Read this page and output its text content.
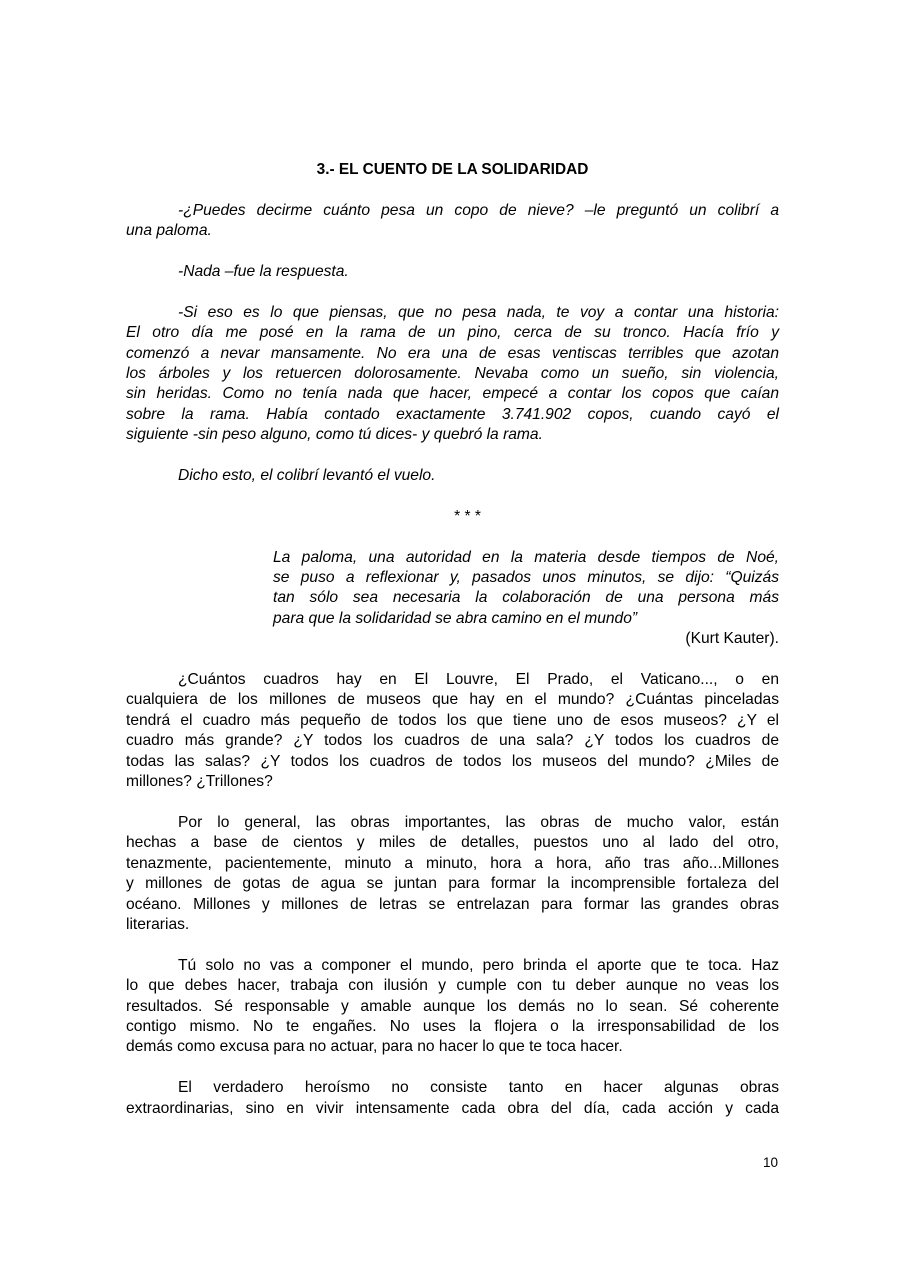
3.- EL CUENTO DE LA SOLIDARIDAD
-¿Puedes decirme cuánto pesa un copo de nieve? –le preguntó un colibrí a
una paloma.
-Nada –fue la respuesta.
-Si eso es lo que piensas, que no pesa nada, te voy a contar una historia:
El otro día me posé en la rama de un pino, cerca de su tronco. Hacía frío y
comenzó a nevar mansamente. No era una de esas ventiscas terribles que azotan
los árboles y los retuercen dolorosamente. Nevaba como un sueño, sin violencia,
sin heridas. Como no tenía nada que hacer, empecé a contar los copos que caían
sobre la rama. Había contado exactamente 3.741.902 copos, cuando cayó el
siguiente -sin peso alguno, como tú dices- y quebró la rama.
Dicho esto, el colibrí levantó el vuelo.
* * *
La paloma, una autoridad en la materia desde tiempos de Noé,
se puso a reflexionar y, pasados unos minutos, se dijo: “Quizás
tan sólo sea necesaria la colaboración de una persona más
para que la solidaridad se abra camino en el mundo”
(Kurt Kauter).
¿Cuántos cuadros hay en El Louvre, El Prado, el Vaticano..., o en
cualquiera de los millones de museos que hay en el mundo? ¿Cuántas pinceladas
tendrá el cuadro más pequeño de todos los que tiene uno de esos museos? ¿Y el
cuadro más grande? ¿Y todos los cuadros de una sala? ¿Y todos los cuadros de
todas las salas? ¿Y todos los cuadros de todos los museos del mundo? ¿Miles de
millones? ¿Trillones?
Por lo general, las obras importantes, las obras de mucho valor, están
hechas a base de cientos y miles de detalles, puestos uno al lado del otro,
tenazmente, pacientemente, minuto a minuto, hora a hora, año tras año...Millones
y millones de gotas de agua se juntan para formar la incomprensible fortaleza del
océano. Millones y millones de letras se entrelazan para formar las grandes obras
literarias.
Tú solo no vas a componer el mundo, pero brinda el aporte que te toca. Haz
lo que debes hacer, trabaja con ilusión y cumple con tu deber aunque no veas los
resultados. Sé responsable y amable aunque los demás no lo sean. Sé coherente
contigo mismo. No te engañes. No uses la flojera o la irresponsabilidad de los
demás como excusa para no actuar, para no hacer lo que te toca hacer.
El verdadero heroísmo no consiste tanto en hacer algunas obras
extraordinarias, sino en vivir intensamente cada obra del día, cada acción y cada
10
